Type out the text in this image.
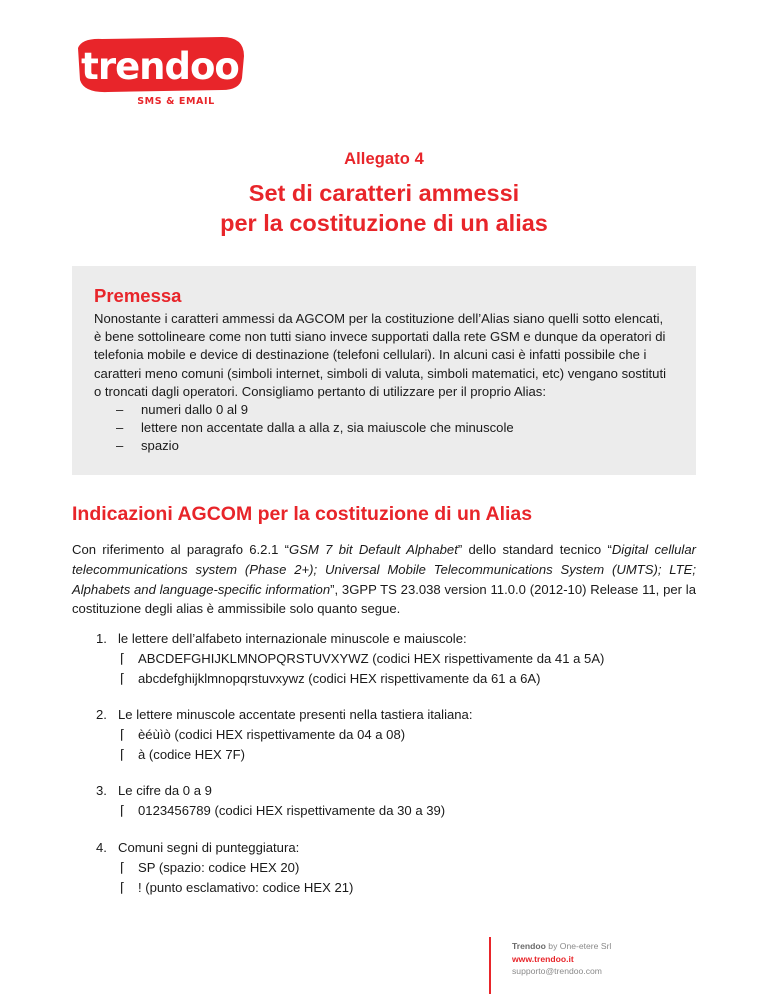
trendoo
SMS & EMAIL
Allegato 4
Set di caratteri ammessi
per la costituzione di un alias
Premessa

Nonostante i caratteri ammessi da AGCOM per la costituzione dell’Alias siano quelli sotto elencati, è bene sottolineare come non tutti siano invece supportati dalla rete GSM e dunque da operatori di telefonia mobile e device di destinazione (telefoni cellulari). In alcuni casi è infatti possibile che i caratteri meno comuni (simboli internet, simboli di valuta, simboli matematici, etc) vengano sostituti o troncati dagli operatori. Consigliamo pertanto di utilizzare per il proprio Alias:

– numeri dallo 0 al 9
– lettere non accentate dalla a alla z, sia maiuscole che minuscole
– spazio
Indicazioni AGCOM per la costituzione di un Alias

Con riferimento al paragrafo 6.2.1 “GSM 7 bit Default Alphabet” dello standard tecnico “Digital cellular telecommunications system (Phase 2+); Universal Mobile Telecommunications System (UMTS); LTE; Alphabets and language-specific information”, 3GPP TS 23.038 version 11.0.0 (2012-10) Release 11, per la costituzione degli alias è ammissibile solo quanto segue.

1. le lettere dell’alfabeto internazionale minuscole e maiuscole:
⌈ ABCDEFGHIJKLMNOPQRSTUVXYWZ (codici HEX rispettivamente da 41 a 5A)
⌈ abcdefghijklmnopqrstuvxywz (codici HEX rispettivamente da 61 a 6A)
2. Le lettere minuscole accentate presenti nella tastiera italiana:
⌈ èéùìò (codici HEX rispettivamente da 04 a 08)
⌈ à (codice HEX 7F)
3. Le cifre da 0 a 9
⌈ 0123456789 (codici HEX rispettivamente da 30 a 39)
4. Comuni segni di punteggiatura:
⌈ SP (spazio: codice HEX 20)
⌈ ! (punto esclamativo: codice HEX 21)
Trendoo by One-etere Srl
www.trendoo.it
supporto@trendoo.com
